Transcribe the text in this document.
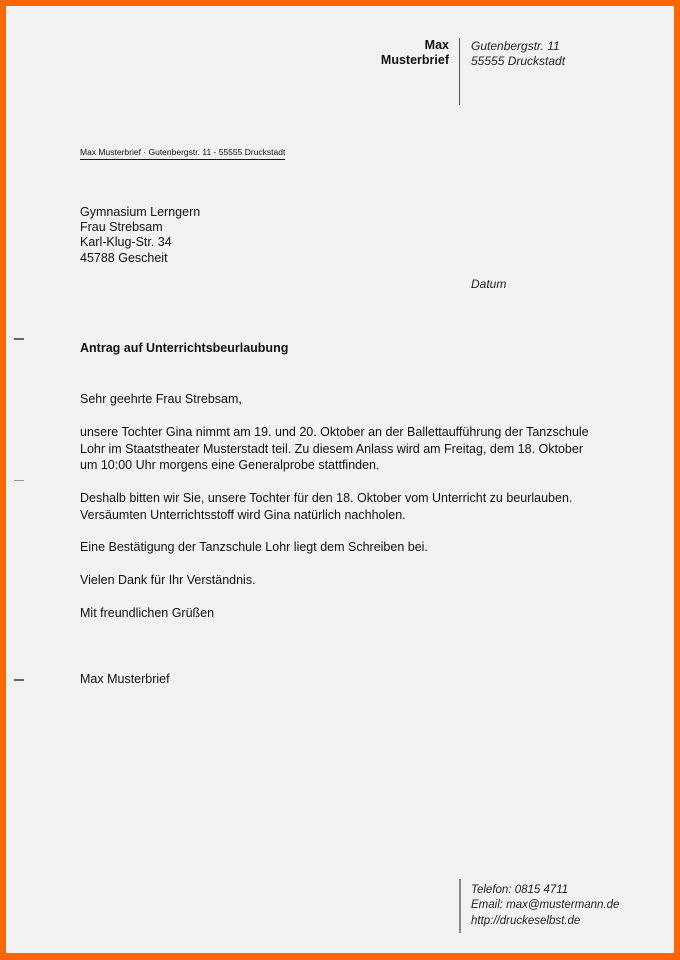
Max
Musterbrief
Gutenbergstr. 11
55555 Druckstadt
Max Musterbrief · Gutenbergstr. 11 - 55555 Druckstadt
Gymnasium Lerngern
Frau Strebsam
Karl-Klug-Str. 34
45788 Gescheit
Datum
Antrag auf Unterrichtsbeurlaubung
Sehr geehrte Frau Strebsam,
unsere Tochter Gina nimmt am 19. und 20. Oktober an der Ballettaufführung der Tanzschule
Lohr im Staatstheater Musterstadt teil. Zu diesem Anlass wird am Freitag, dem 18. Oktober
um 10:00 Uhr morgens eine Generalprobe stattfinden.
Deshalb bitten wir Sie, unsere Tochter für den 18. Oktober vom Unterricht zu beurlauben.
Versäumten Unterrichtsstoff wird Gina natürlich nachholen.
Eine Bestätigung der Tanzschule Lohr liegt dem Schreiben bei.
Vielen Dank für Ihr Verständnis.
Mit freundlichen Grüßen
Max Musterbrief
Telefon: 0815 4711
Email: max@mustermann.de
http://druckeselbst.de
